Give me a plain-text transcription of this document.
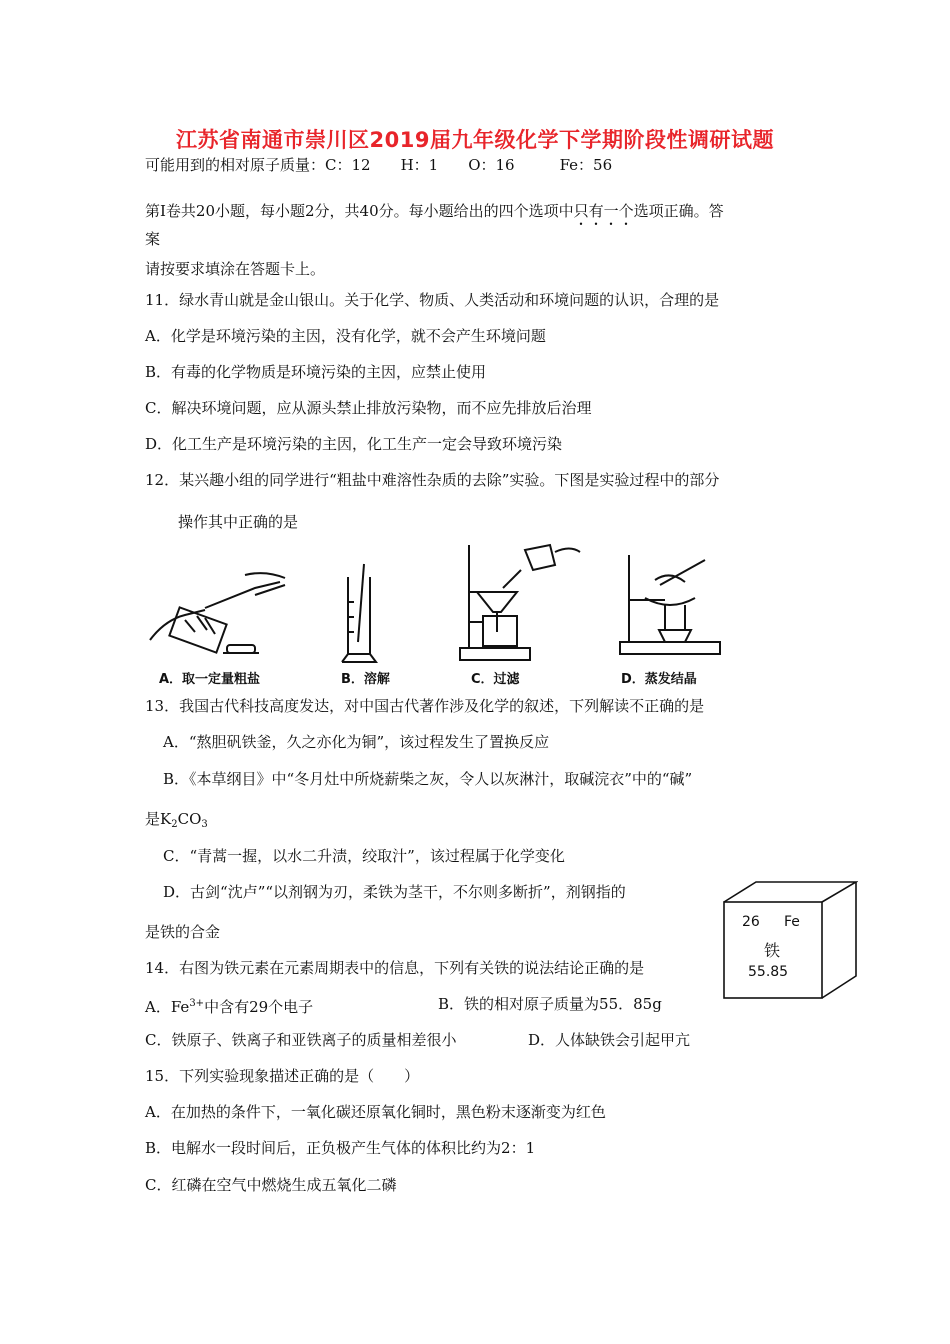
江苏省南通市崇川区2019届九年级化学下学期阶段性调研试题
可能用到的相对原子质量：C：12　　H：1　　O：16　　　Fe：56
第Ⅰ卷共20小题，每小题2分，共40分。每小题给出的四个选项中只有一个选项正确。答
案
请按要求填涂在答题卡上。
11．绿水青山就是金山银山。关于化学、物质、人类活动和环境问题的认识，合理的是
A．化学是环境污染的主因，没有化学，就不会产生环境问题
B．有毒的化学物质是环境污染的主因，应禁止使用
C．解决环境问题，应从源头禁止排放污染物，而不应先排放后治理
D．化工生产是环境污染的主因，化工生产一定会导致环境污染
12．某兴趣小组的同学进行“粗盐中难溶性杂质的去除”实验。下图是实验过程中的部分
操作其中正确的是
A．取一定量粗盐	B．溶解	C．过滤	D．蒸发结晶
13．我国古代科技高度发达，对中国古代著作涉及化学的叙述，下列解读不正确的是
A．“熬胆矾铁釜，久之亦化为铜”，该过程发生了置换反应
B．《本草纲目》中“冬月灶中所烧薪柴之灰，令人以灰淋汁，取碱浣衣”中的“碱”
是$K_2CO_3$
C．“青蒿一握，以水二升渍，绞取汁”，该过程属于化学变化
D．古剑“沈卢”“以剂钢为刃，柔铁为茎干，不尔则多断折”，剂钢指的
是铁的合金
26 Fe
铁
55.85
14．右图为铁元素在元素周期表中的信息，下列有关铁的说法结论正确的是
A．$Fe^{3+}$中含有29个电子	B．铁的相对原子质量为55．85g
C．铁原子、铁离子和亚铁离子的质量相差很小	D．人体缺铁会引起甲亢
15．下列实验现象描述正确的是（　　）
A．在加热的条件下，一氧化碳还原氧化铜时，黑色粉末逐渐变为红色
B．电解水一段时间后，正负极产生气体的体积比约为2：1
C．红磷在空气中燃烧生成五氧化二磷
